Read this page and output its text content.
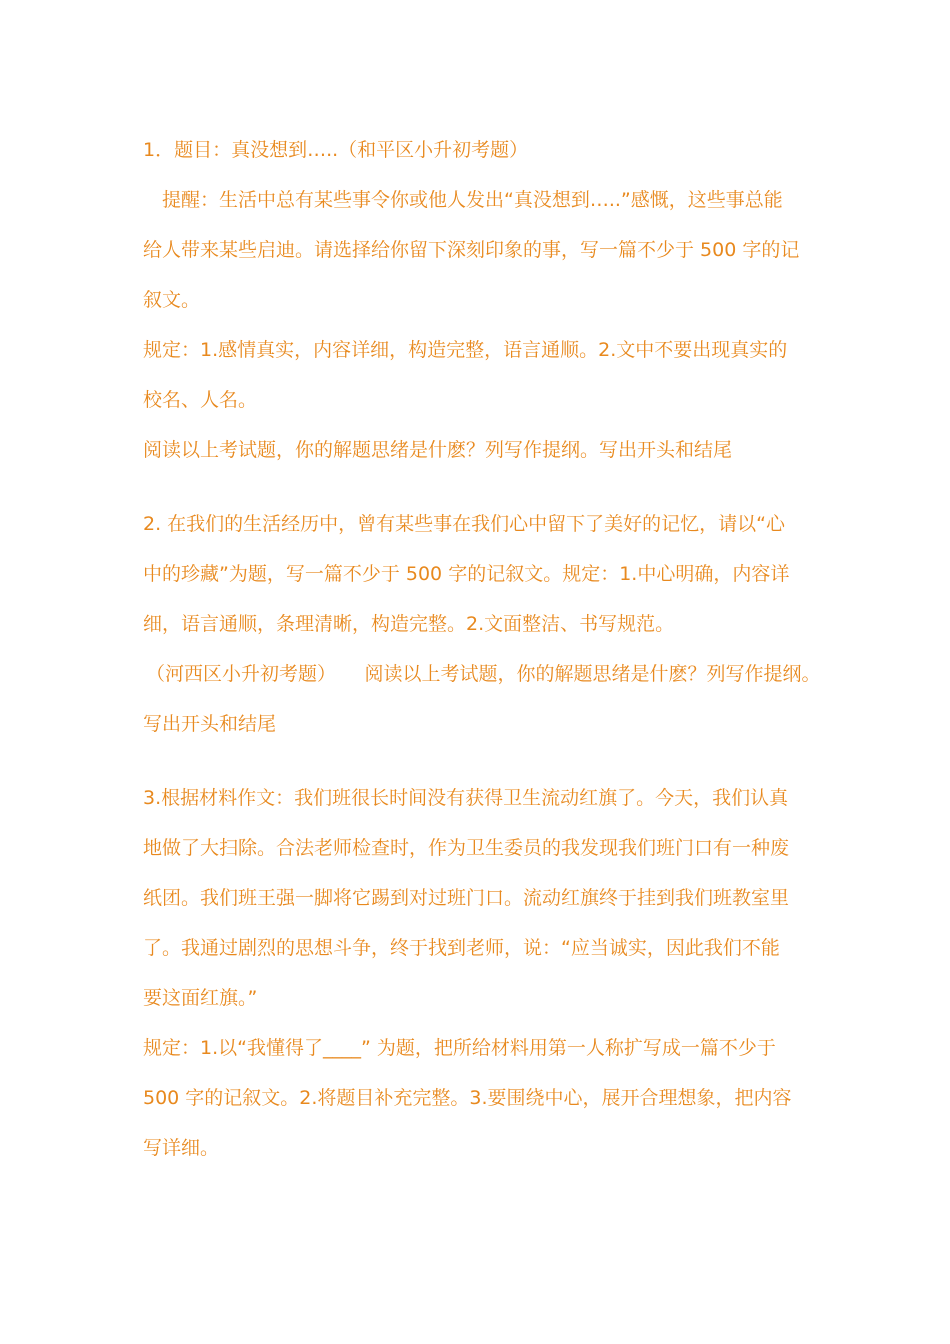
1．题目：真没想到…..（和平区小升初考题）

提醒：生活中总有某些事令你或他人发出“真没想到…..”感慨，这些事总能

给人带来某些启迪。请选择给你留下深刻印象的事，写一篇不少于 500 字的记

叙文。

规定：1.感情真实，内容详细，构造完整，语言通顺。2.文中不要出现真实的

校名、人名。

阅读以上考试题，你的解题思绪是什麽？列写作提纲。写出开头和结尾

2. 在我们的生活经历中，曾有某些事在我们心中留下了美好的记忆，请以“心

中的珍藏”为题，写一篇不少于 500 字的记叙文。规定：1.中心明确，内容详

细，语言通顺，条理清晰，构造完整。2.文面整洁、书写规范。

（河西区小升初考题）　　阅读以上考试题，你的解题思绪是什麽？列写作提纲。

写出开头和结尾

3.根据材料作文：我们班很长时间没有获得卫生流动红旗了。今天，我们认真

地做了大扫除。合法老师检查时，作为卫生委员的我发现我们班门口有一种废

纸团。我们班王强一脚将它踢到对过班门口。流动红旗终于挂到我们班教室里

了。我通过剧烈的思想斗争，终于找到老师，说：“应当诚实，因此我们不能

要这面红旗。”

规定：1.以“我懂得了____” 为题，把所给材料用第一人称扩写成一篇不少于

500 字的记叙文。2.将题目补充完整。3.要围绕中心，展开合理想象，把内容

写详细。
